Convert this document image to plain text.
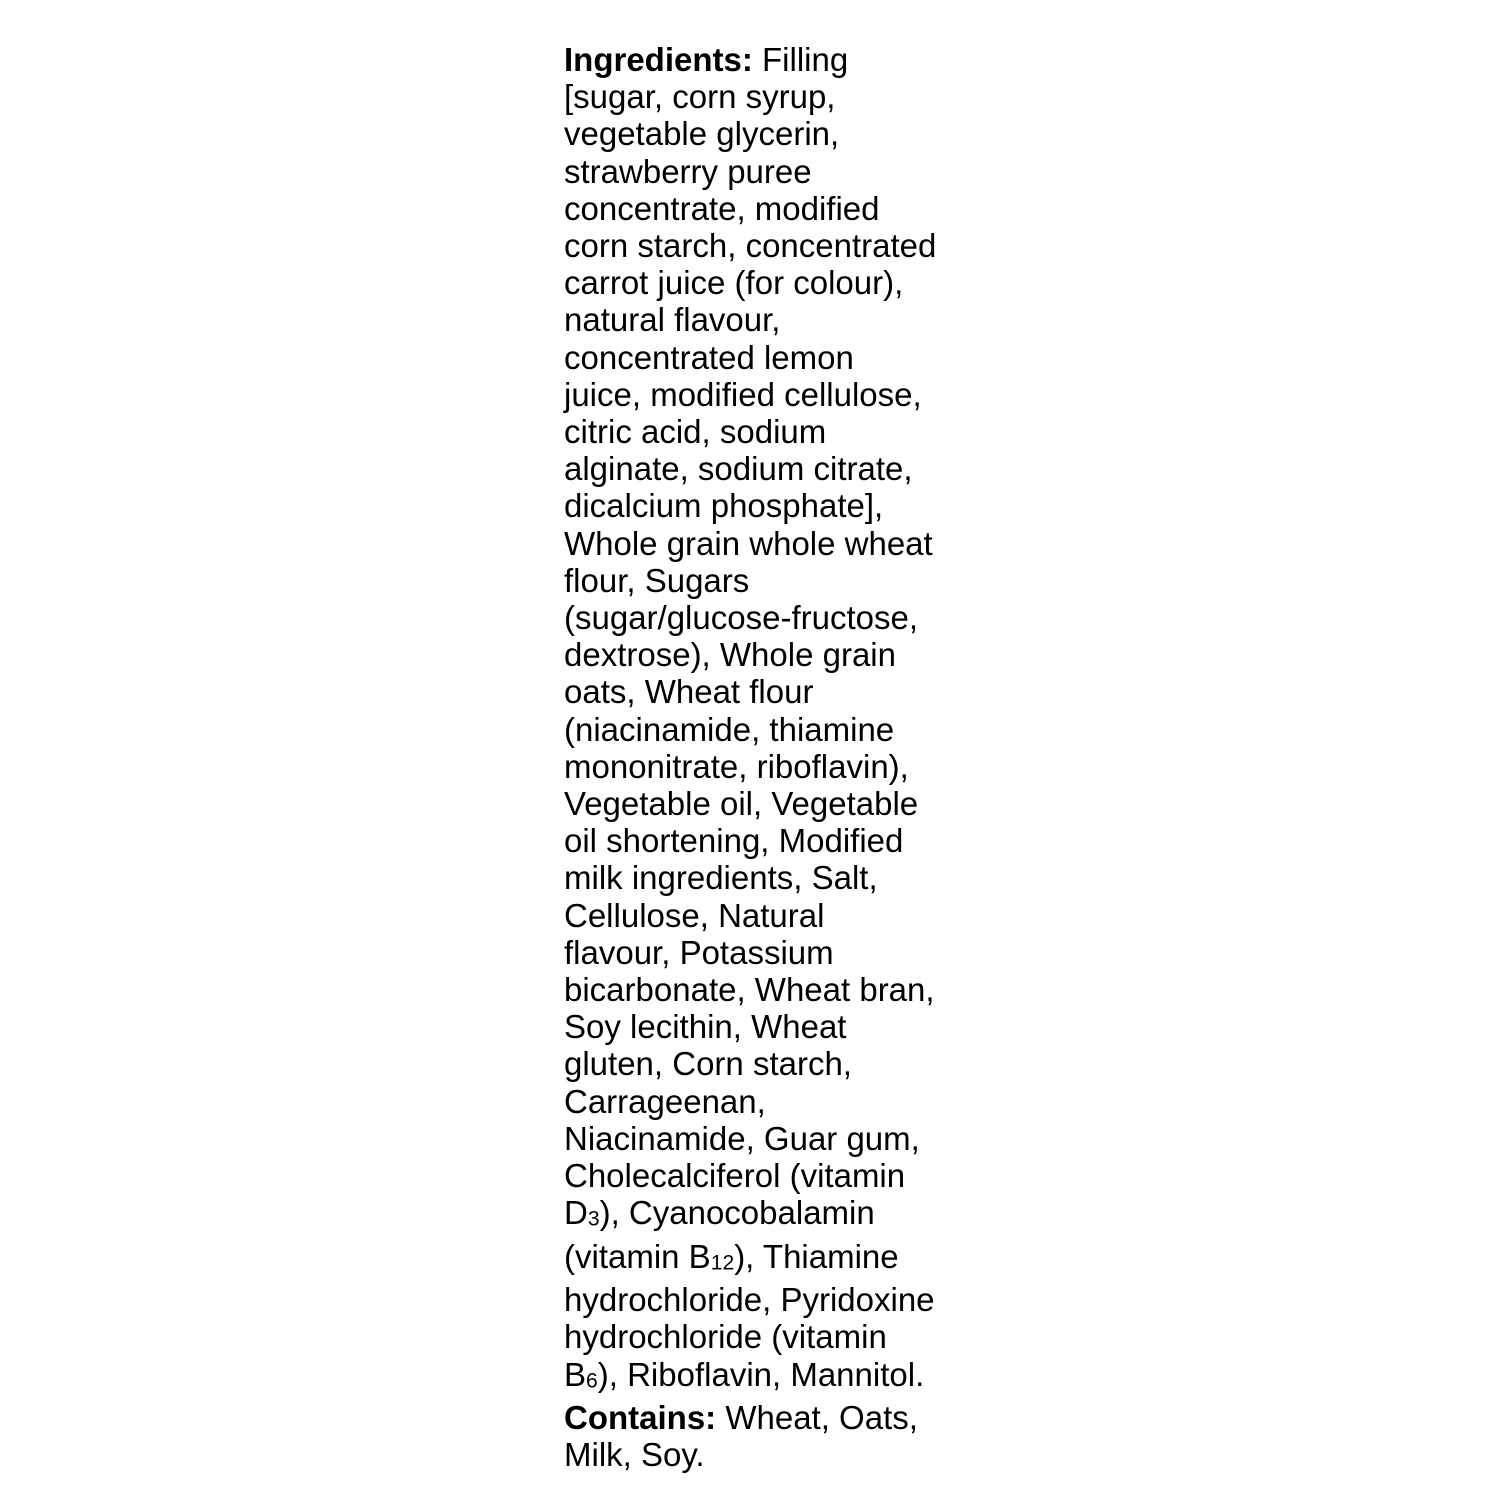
Ingredients: Filling
[sugar, corn syrup,
vegetable glycerin,
strawberry puree
concentrate, modified
corn starch, concentrated
carrot juice (for colour),
natural flavour,
concentrated lemon
juice, modified cellulose,
citric acid, sodium
alginate, sodium citrate,
dicalcium phosphate],
Whole grain whole wheat
flour, Sugars
(sugar/glucose-fructose,
dextrose), Whole grain
oats, Wheat flour
(niacinamide, thiamine
mononitrate, riboflavin),
Vegetable oil, Vegetable
oil shortening, Modified
milk ingredients, Salt,
Cellulose, Natural
flavour, Potassium
bicarbonate, Wheat bran,
Soy lecithin, Wheat
gluten, Corn starch,
Carrageenan,
Niacinamide, Guar gum,
Cholecalciferol (vitamin
D3), Cyanocobalamin
(vitamin B12), Thiamine
hydrochloride, Pyridoxine
hydrochloride (vitamin
B6), Riboflavin, Mannitol.
Contains: Wheat, Oats,
Milk, Soy.
